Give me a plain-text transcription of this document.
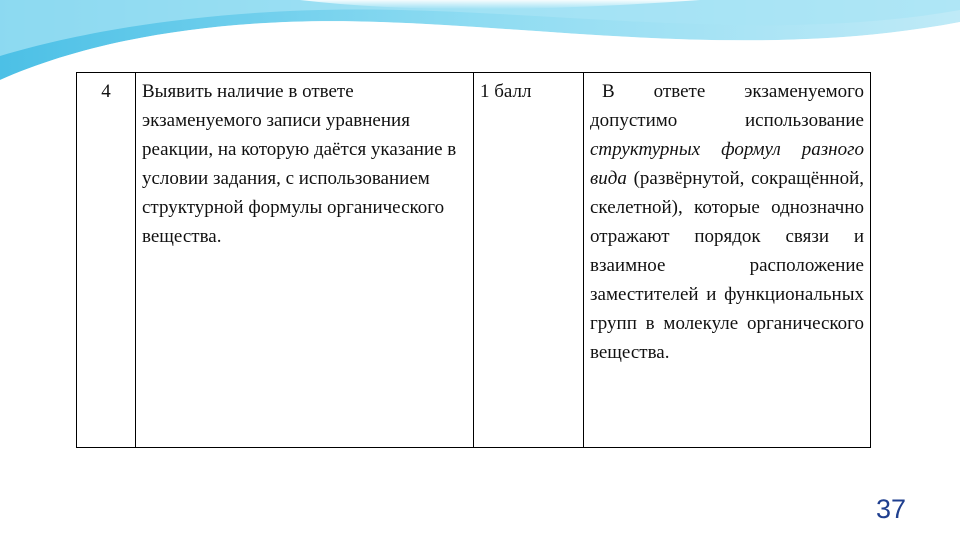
4	Выявить наличие в ответе экзаменуемого записи уравнения реакции, на которую даётся указание в условии задания, с использованием структурной формулы органического вещества.	1 балл	В ответе экзаменуемого допустимо использование структурных формул разного вида (развёрнутой, сокращённой, скелетной), которые однозначно отражают порядок связи и взаимное расположение заместителей и функциональных групп в молекуле органического вещества.

37
